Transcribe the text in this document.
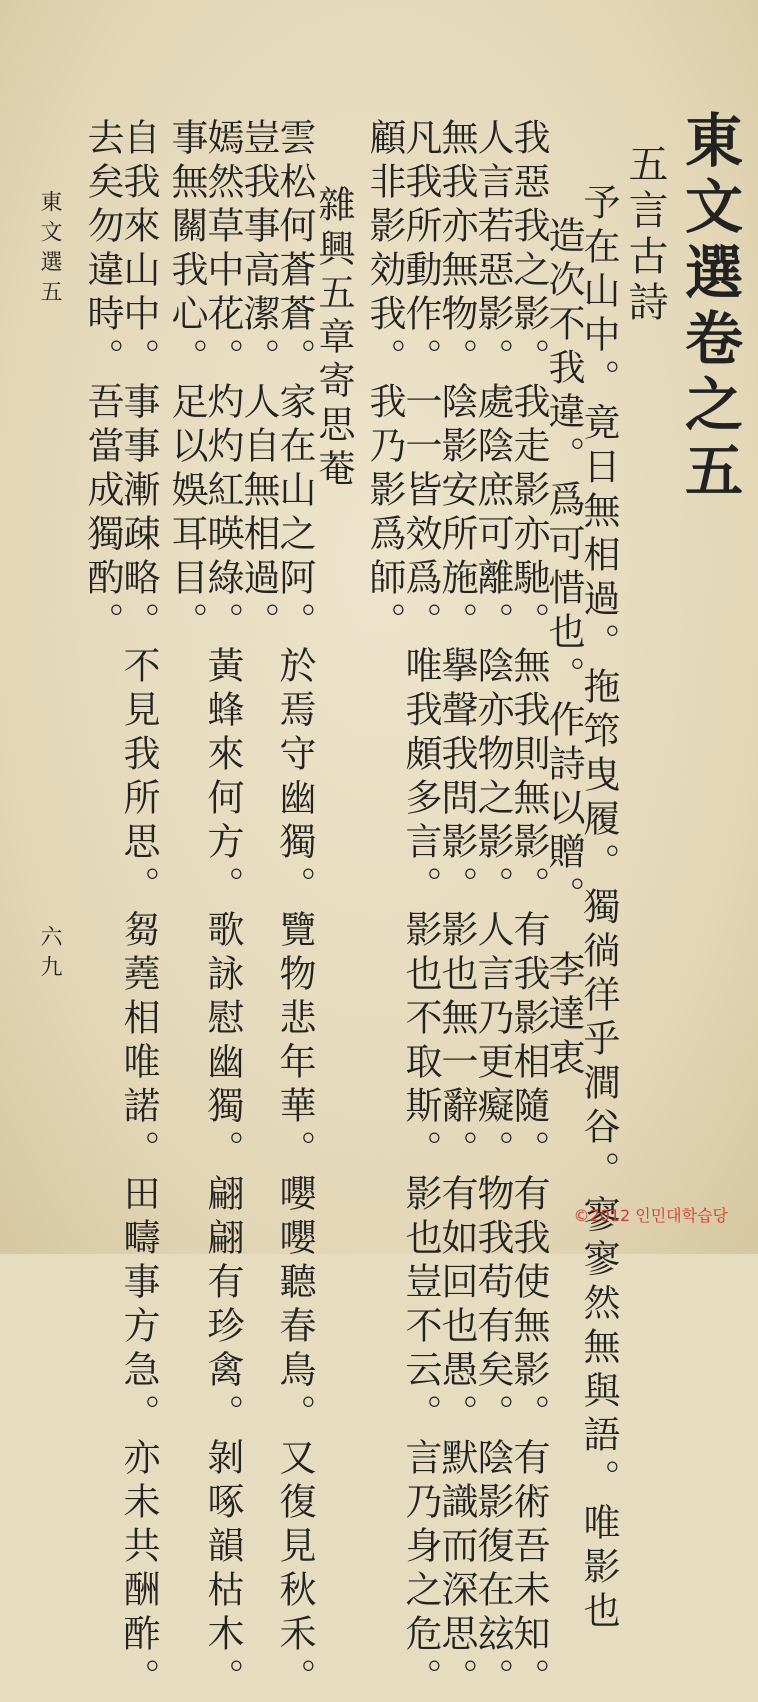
東文選卷之五
五言古詩
予在山中。竟日無相過。拖筇曳履。獨徜徉乎澗谷。寥寥然無與語。唯影也
造次不我違。爲可惜也。作詩以贈。
李達衷
我惡我之影。我走影亦馳。無我則無影。有我影相隨。有我使無影。有術吾未知。
人言若惡影。處陰庶可離。陰亦物之影。人言乃更癡。物我苟有矣。陰影復在玆。
無我亦無物。陰影安所施。擧聲我問影。影也無一辭。有如回也愚。默識而深思。
凡我所動作。一一皆效爲。唯我頗多言。影也不取斯。影也豈不云。言乃身之危。
顧非影効我。我乃影爲師。
雜興五章寄思菴
雲松何蒼蒼。家在山之阿。於焉守幽獨。覽物悲年華。嚶嚶聽春鳥。又復見秋禾。
豈我事高潔。人自無相過。
嫣然草中花。灼灼紅暎綠。黃蜂來何方。歌詠慰幽獨。翩翩有珍禽。剝啄韻枯木。
事無關我心。足以娛耳目。
自我來山中。事事漸疎略。不見我所思。芻蕘相唯諾。田疇事方急。亦未共酬酢。
去矣勿違時。吾當成獨酌。
東文選五
六九
©2012 인민대학습당
